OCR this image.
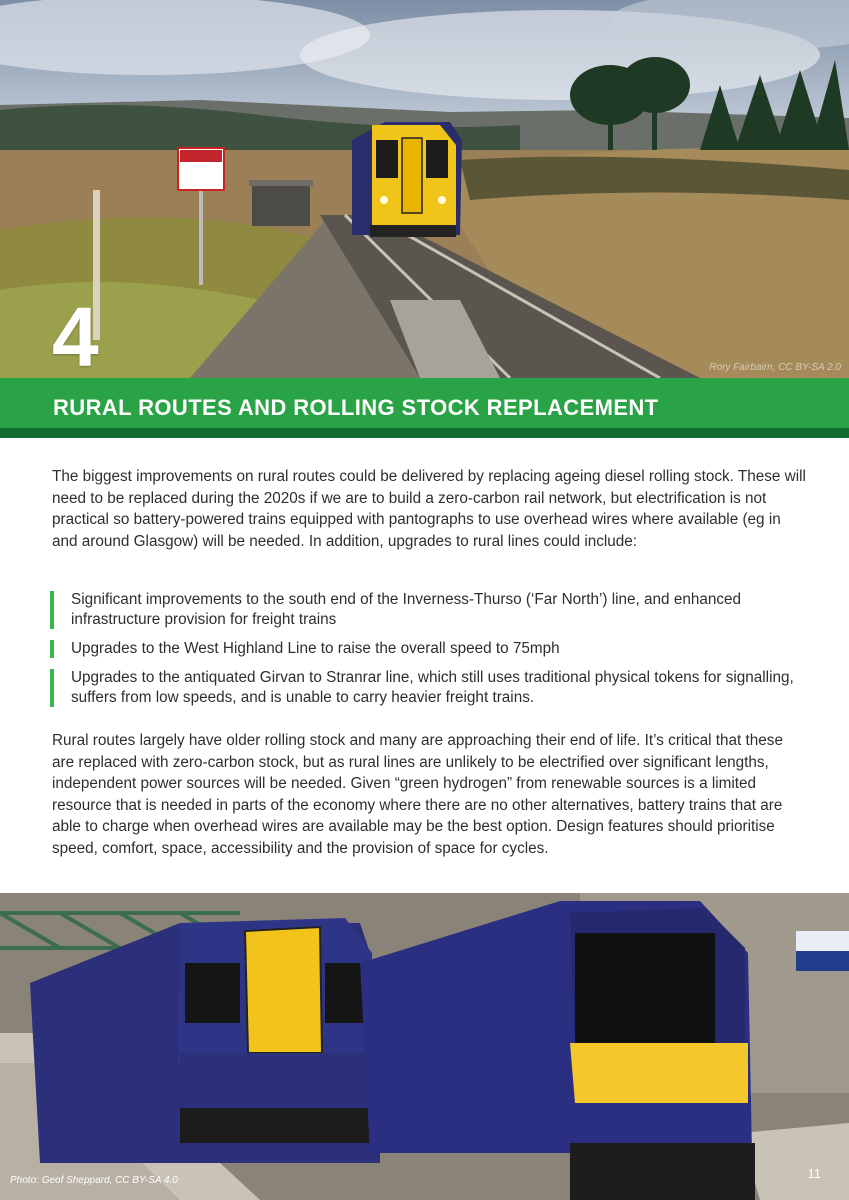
4	Rory Fairbairn, CC BY-SA 2.0
RURAL ROUTES AND ROLLING STOCK REPLACEMENT

The biggest improvements on rural routes could be delivered by replacing ageing diesel rolling stock. These will need to be replaced during the 2020s if we are to build a zero-carbon rail network, but electrification is not practical so battery-powered trains equipped with pantographs to use overhead wires where available (eg in and around Glasgow) will be needed. In addition, upgrades to rural lines could include:

Significant improvements to the south end of the Inverness-Thurso (‘Far North’) line, and enhanced infrastructure provision for freight trains
Upgrades to the West Highland Line to raise the overall speed to 75mph
Upgrades to the antiquated Girvan to Stranrar line, which still uses traditional physical tokens for signalling, suffers from low speeds, and is unable to carry heavier freight trains.

Rural routes largely have older rolling stock and many are approaching their end of life. It’s critical that these are replaced with zero-carbon stock, but as rural lines are unlikely to be electrified over significant lengths, independent power sources will be needed. Given “green hydrogen” from renewable sources is a limited resource that is needed in parts of the economy where there are no other alternatives, battery trains that are able to charge when overhead wires are available may be the best option. Design features should prioritise speed, comfort, space, accessibility and the provision of space for cycles.

Photo: Geof Sheppard, CC BY-SA 4.0	11
